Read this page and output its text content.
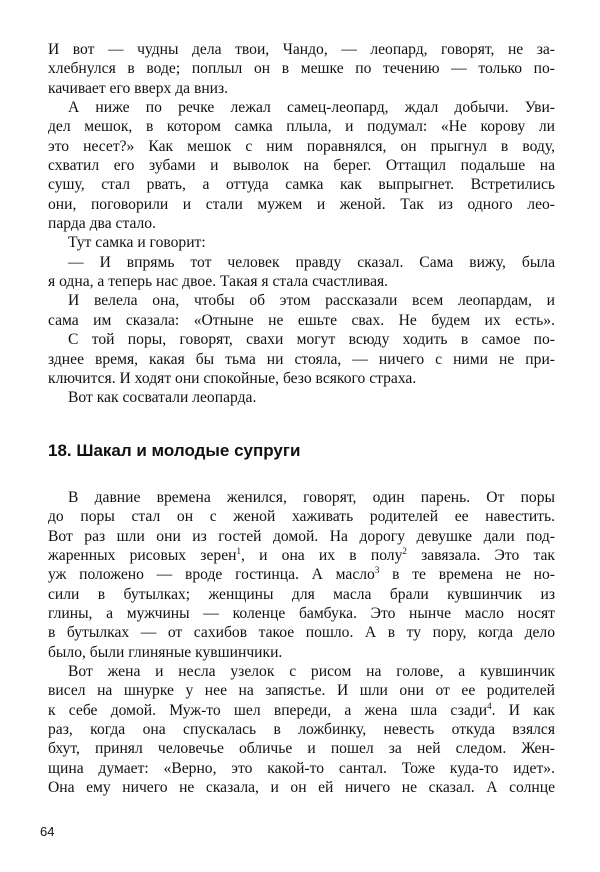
И вот — чудны дела твои, Чандо, — леопард, говорят, не за-
хлебнулся в воде; поплыл он в мешке по течению — только по-
качивает его вверх да вниз.
А ниже по речке лежал самец-леопард, ждал добычи. Уви-
дел мешок, в котором самка плыла, и подумал: «Не корову ли
это несет?» Как мешок с ним поравнялся, он прыгнул в воду,
схватил его зубами и выволок на берег. Оттащил подальше на
сушу, стал рвать, а оттуда самка как выпрыгнет. Встретились
они, поговорили и стали мужем и женой. Так из одного лео-
парда два стало.
Тут самка и говорит:
— И впрямь тот человек правду сказал. Сама вижу, была
я одна, а теперь нас двое. Такая я стала счастливая.
И велела она, чтобы об этом рассказали всем леопардам, и
сама им сказала: «Отныне не ешьте свах. Не будем их есть».
С той поры, говорят, свахи могут всюду ходить в самое по-
зднее время, какая бы тьма ни стояла, — ничего с ними не при-
ключится. И ходят они спокойные, безо всякого страха.
Вот как сосватали леопарда.
18. Шакал и молодые супруги
В давние времена женился, говорят, один парень. От поры
до поры стал он с женой хаживать родителей ее навестить.
Вот раз шли они из гостей домой. На дорогу девушке дали под-
жаренных рисовых зерен$^1$, и она их в полу$^2$ завязала. Это так
уж положено — вроде гостинца. А масло$^3$ в те времена не но-
сили в бутылках; женщины для масла брали кувшинчик из
глины, а мужчины — коленце бамбука. Это нынче масло носят
в бутылках — от сахибов такое пошло. А в ту пору, когда дело
было, были глиняные кувшинчики.
Вот жена и несла узелок с рисом на голове, а кувшинчик
висел на шнурке у нее на запястье. И шли они от ее родителей
к себе домой. Муж-то шел впереди, а жена шла сзади$^4$. И как
раз, когда она спускалась в ложбинку, невесть откуда взялся
бхут, принял человечье обличье и пошел за ней следом. Жен-
щина думает: «Верно, это какой-то сантал. Тоже куда-то идет».
Она ему ничего не сказала, и он ей ничего не сказал. А солнце
64
